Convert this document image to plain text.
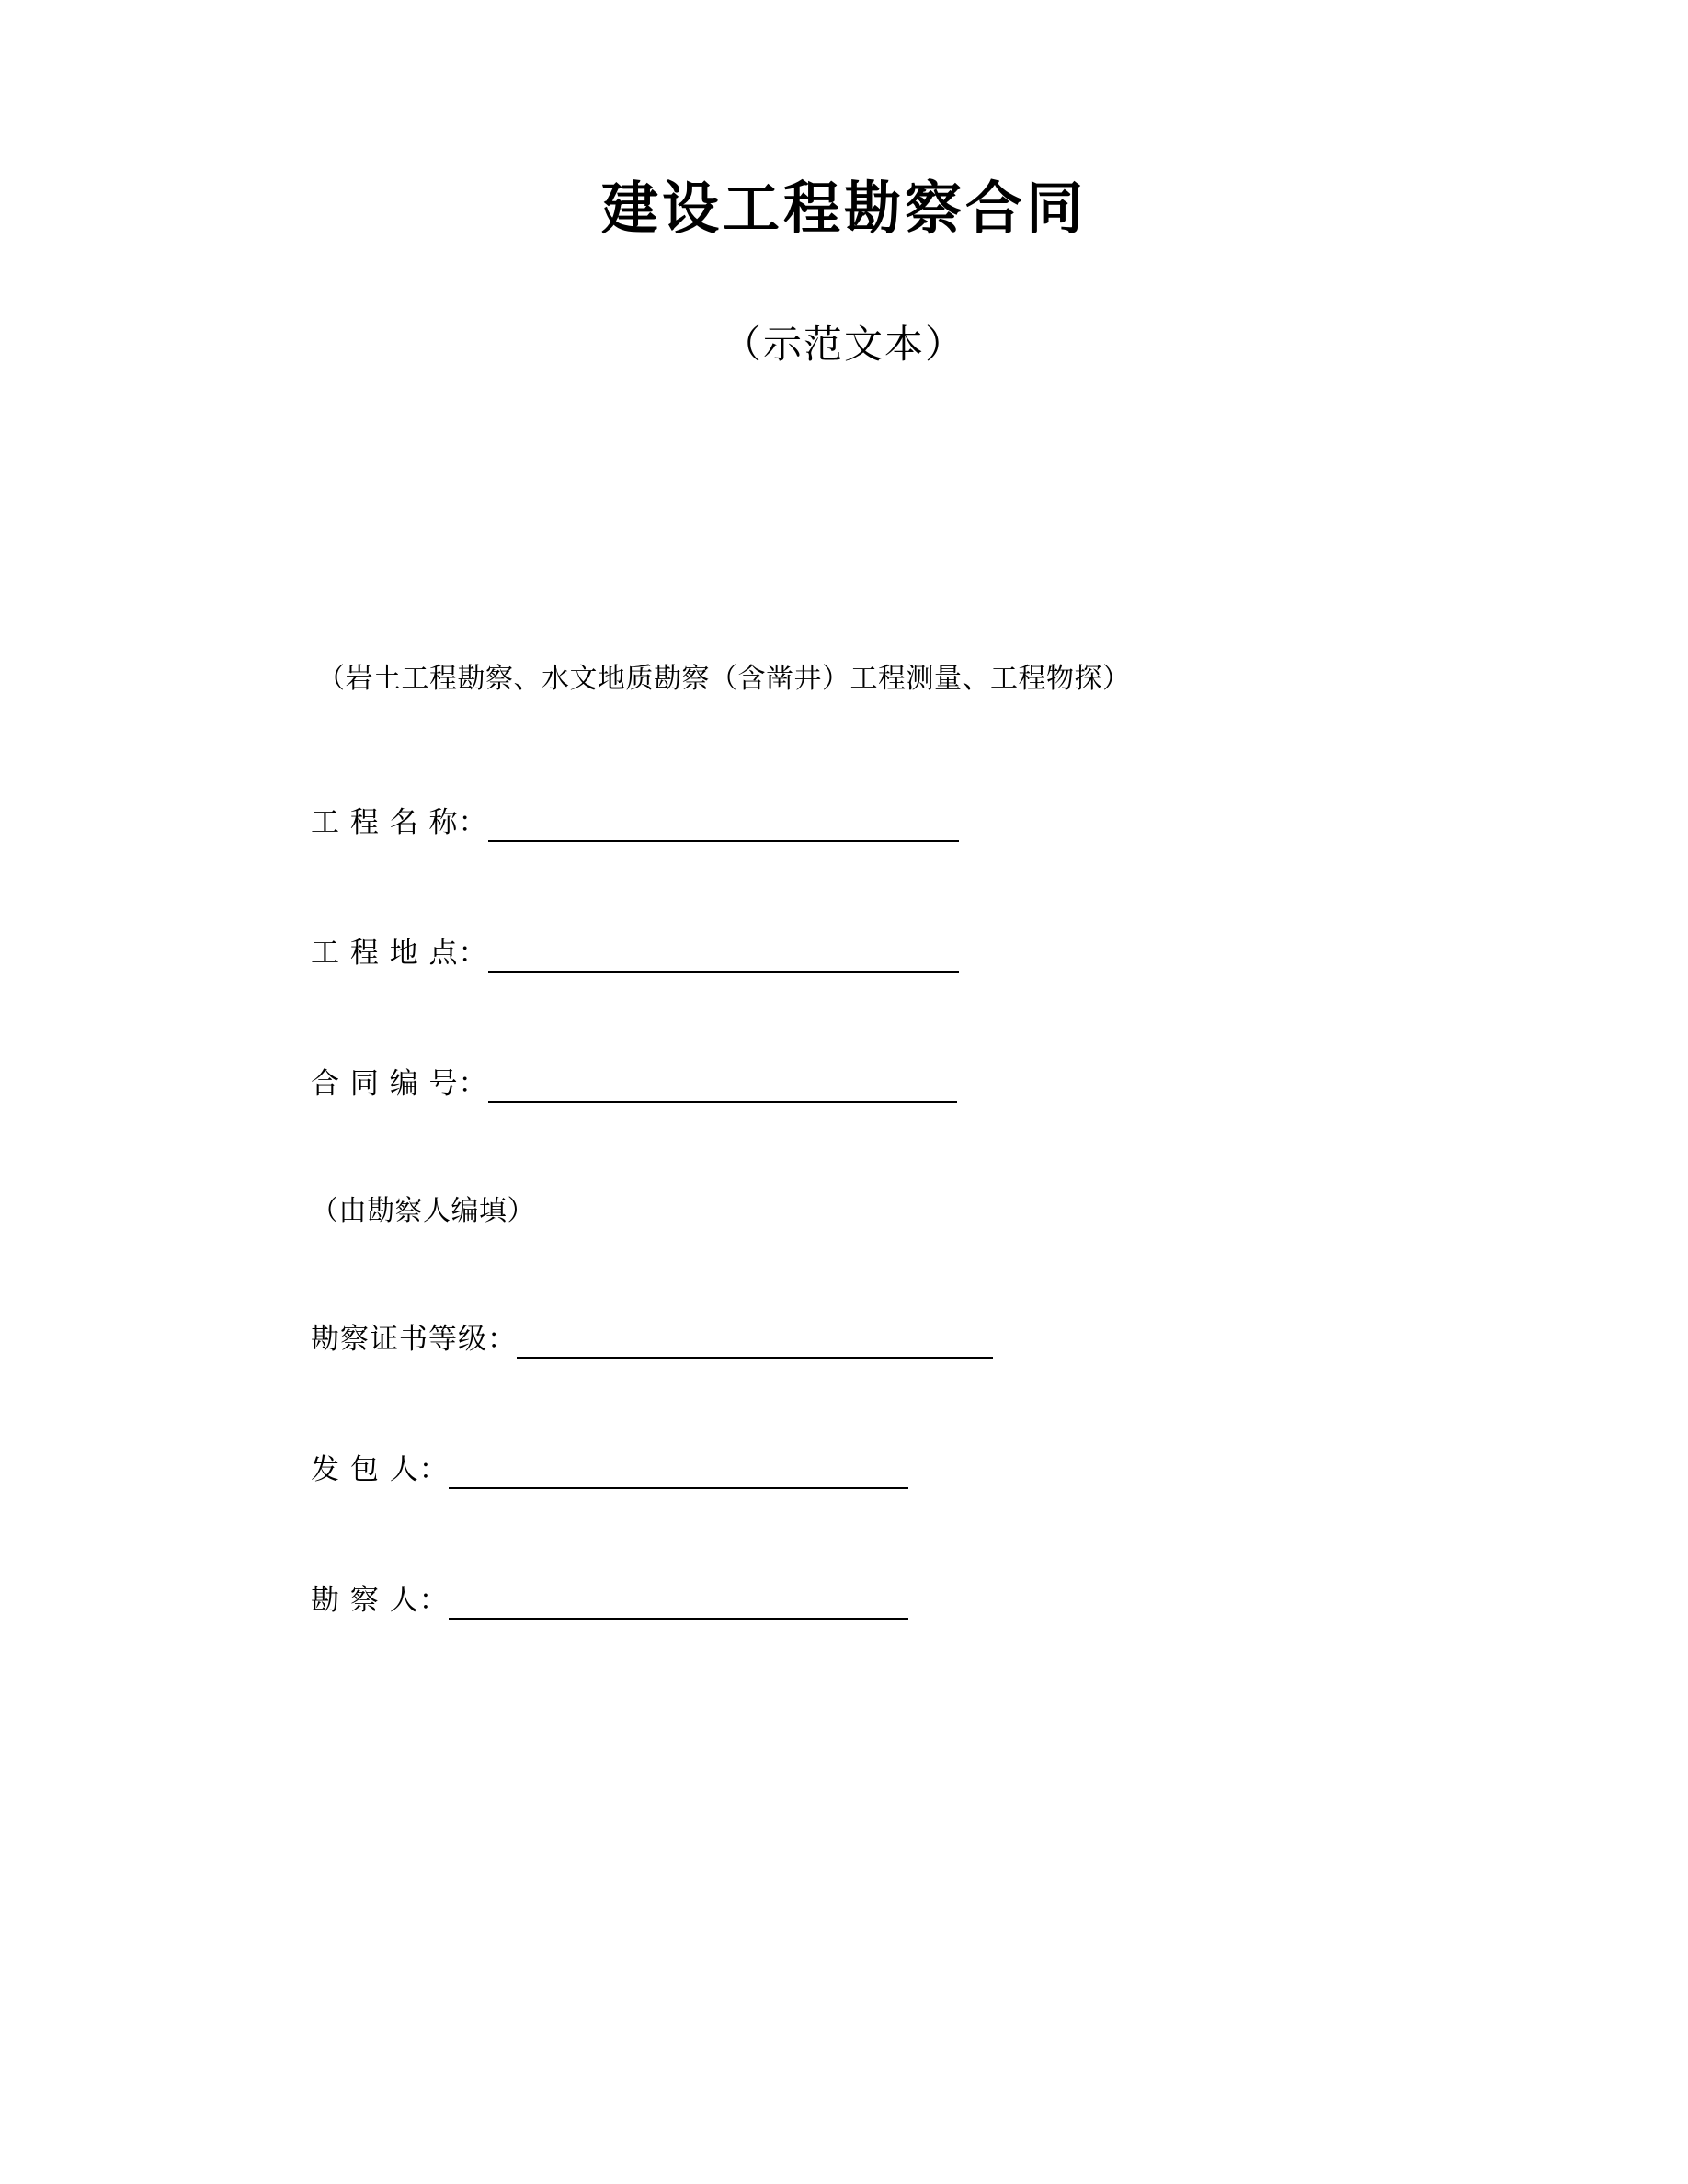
建设工程勘察合同
（示范文本）
（岩土工程勘察、水文地质勘察（含凿井）工程测量、工程物探）
工 程 名 称：
工 程 地 点：
合 同 编 号：
（由勘察人编填）
勘察证书等级：
发 包 人：
勘 察 人：
